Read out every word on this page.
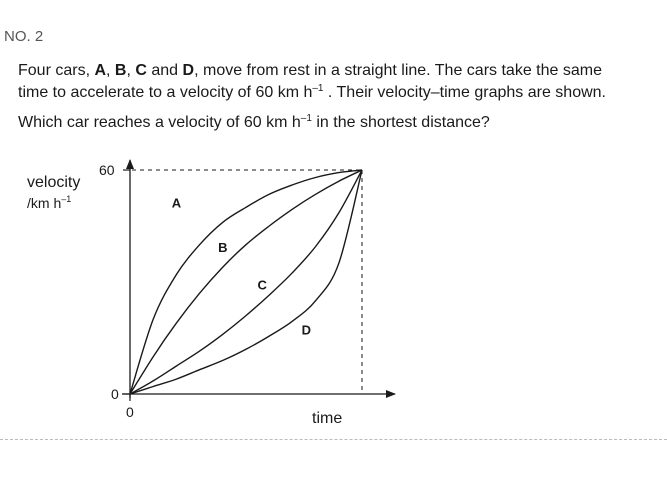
NO. 2
Four cars, A, B, C and D, move from rest in a straight line. The cars take the same
time to accelerate to a velocity of 60 km $h^{-1}$ . Their velocity–time graphs are shown.
Which car reaches a velocity of 60 km $h^{-1}$ in the shortest distance?
velocity
/km $h^{-1}$
60
0
0	time
A
B
C
D
